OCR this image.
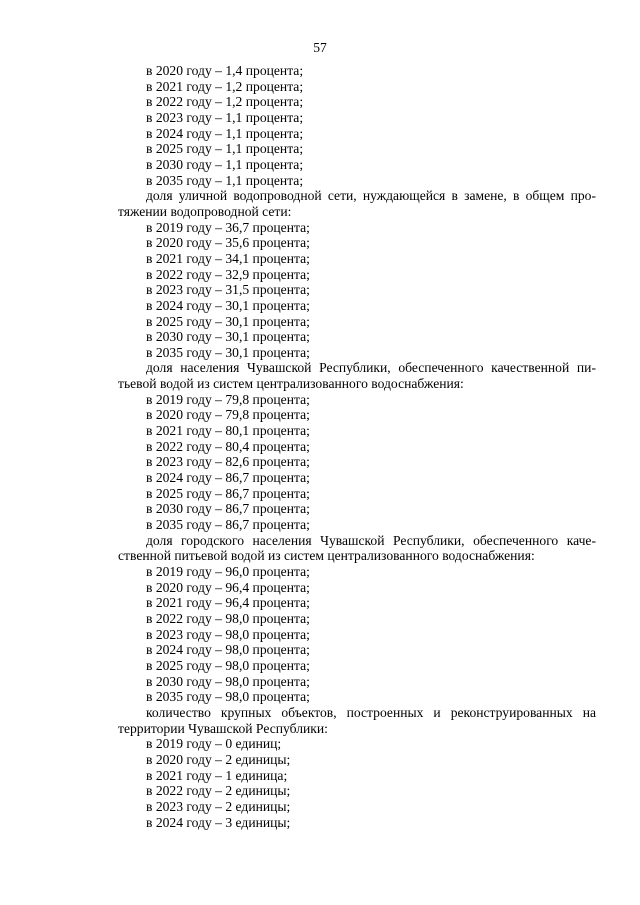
57
в 2020 году – 1,4 процента;
в 2021 году – 1,2 процента;
в 2022 году – 1,2 процента;
в 2023 году – 1,1 процента;
в 2024 году – 1,1 процента;
в 2025 году – 1,1 процента;
в 2030 году – 1,1 процента;
в 2035 году – 1,1 процента;
доля уличной водопроводной сети, нуждающейся в замене, в общем протяжении водопроводной сети:
в 2019 году – 36,7 процента;
в 2020 году – 35,6 процента;
в 2021 году – 34,1 процента;
в 2022 году – 32,9 процента;
в 2023 году – 31,5 процента;
в 2024 году – 30,1 процента;
в 2025 году – 30,1 процента;
в 2030 году – 30,1 процента;
в 2035 году – 30,1 процента;
доля населения Чувашской Республики, обеспеченного качественной питьевой водой из систем централизованного водоснабжения:
в 2019 году – 79,8 процента;
в 2020 году – 79,8 процента;
в 2021 году – 80,1 процента;
в 2022 году – 80,4 процента;
в 2023 году – 82,6 процента;
в 2024 году – 86,7 процента;
в 2025 году – 86,7 процента;
в 2030 году – 86,7 процента;
в 2035 году – 86,7 процента;
доля городского населения Чувашской Республики, обеспеченного качественной питьевой водой из систем централизованного водоснабжения:
в 2019 году – 96,0 процента;
в 2020 году – 96,4 процента;
в 2021 году – 96,4 процента;
в 2022 году – 98,0 процента;
в 2023 году – 98,0 процента;
в 2024 году – 98,0 процента;
в 2025 году – 98,0 процента;
в 2030 году – 98,0 процента;
в 2035 году – 98,0 процента;
количество крупных объектов, построенных и реконструированных на территории Чувашской Республики:
в 2019 году – 0 единиц;
в 2020 году – 2 единицы;
в 2021 году – 1 единица;
в 2022 году – 2 единицы;
в 2023 году – 2 единицы;
в 2024 году – 3 единицы;
